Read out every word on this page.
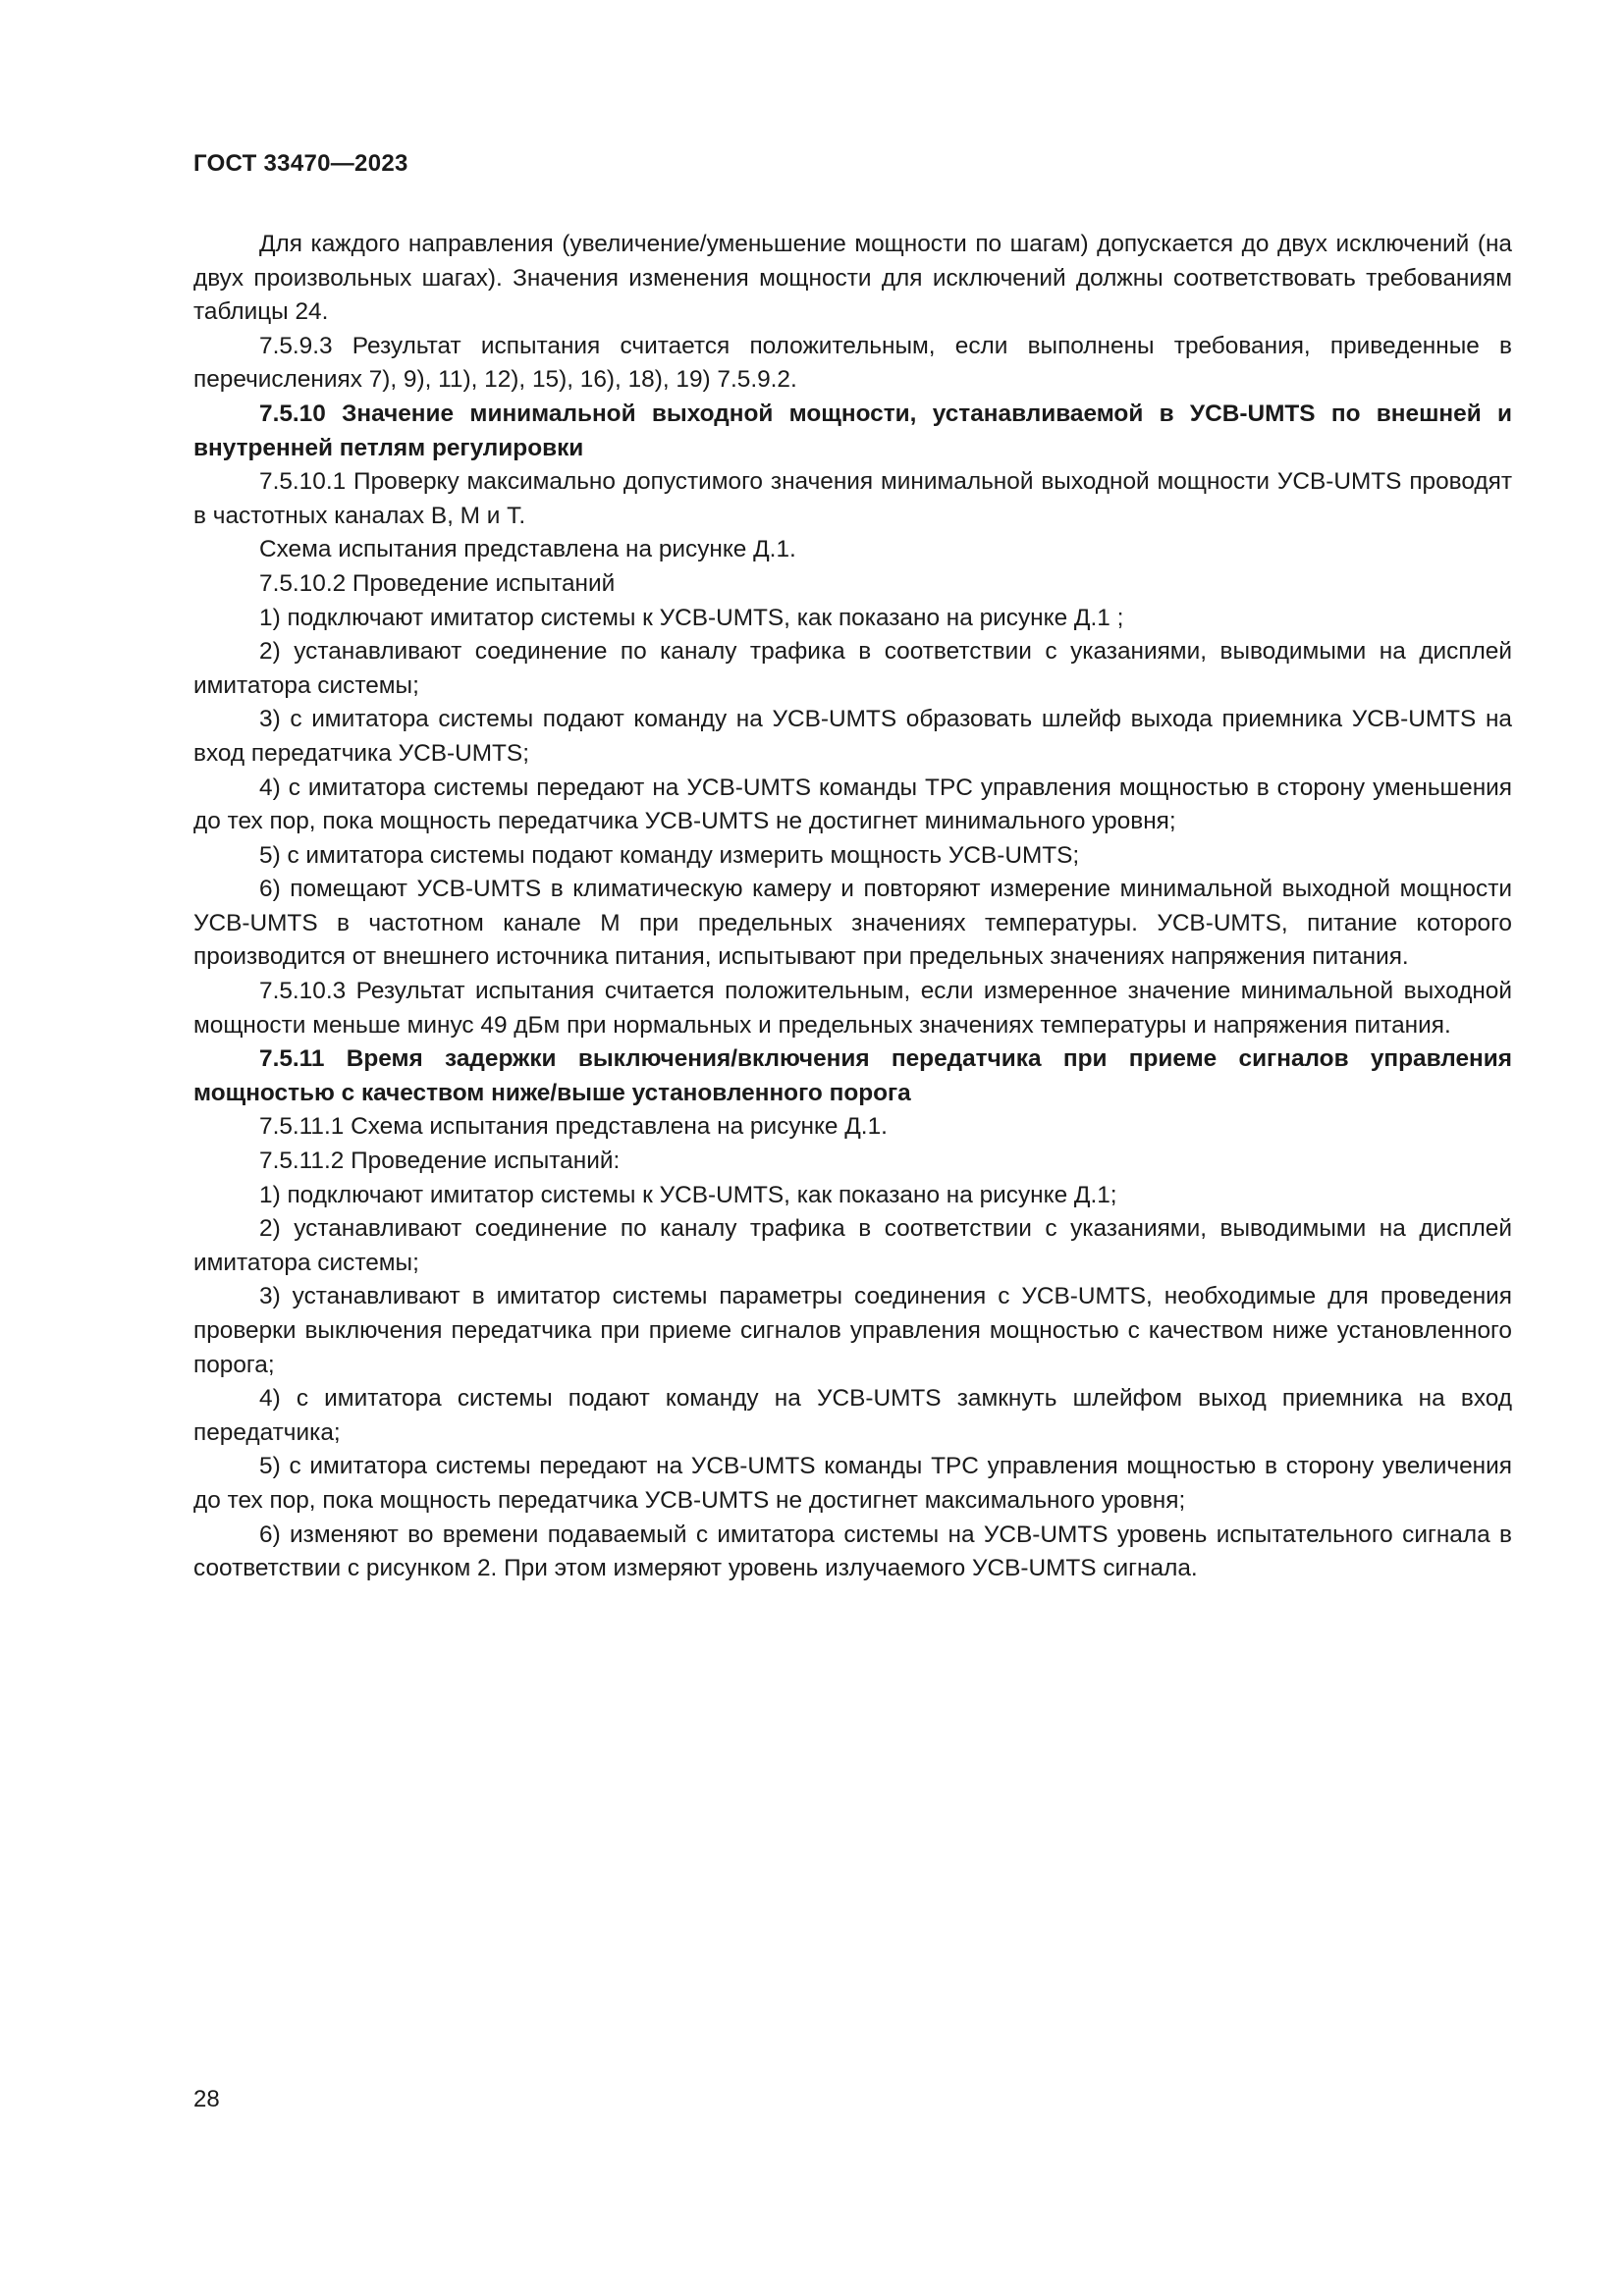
ГОСТ 33470—2023

Для каждого направления (увеличение/уменьшение мощности по шагам) допускается до двух исключений (на двух произвольных шагах). Значения изменения мощности для исключений должны соответствовать требованиям таблицы 24.

7.5.9.3 Результат испытания считается положительным, если выполнены требования, приведенные в перечислениях 7), 9), 11), 12), 15), 16), 18), 19) 7.5.9.2.

7.5.10 Значение минимальной выходной мощности, устанавливаемой в УСВ-UMTS по внешней и внутренней петлям регулировки

7.5.10.1 Проверку максимально допустимого значения минимальной выходной мощности УСВ-UMTS проводят в частотных каналах В, М и Т.

Схема испытания представлена на рисунке Д.1.

7.5.10.2 Проведение испытаний

1) подключают имитатор системы к УСВ-UMTS, как показано на рисунке Д.1 ;

2) устанавливают соединение по каналу трафика в соответствии с указаниями, выводимыми на дисплей имитатора системы;

3) с имитатора системы подают команду на УСВ-UMTS образовать шлейф выхода приемника УСВ-UMTS на вход передатчика УСВ-UMTS;

4) с имитатора системы передают на УСВ-UMTS команды TPC управления мощностью в сторону уменьшения до тех пор, пока мощность передатчика УСВ-UMTS не достигнет минимального уровня;

5) с имитатора системы подают команду измерить мощность УСВ-UMTS;

6) помещают УСВ-UMTS в климатическую камеру и повторяют измерение минимальной выходной мощности УСВ-UMTS в частотном канале М при предельных значениях температуры. УСВ-UMTS, питание которого производится от внешнего источника питания, испытывают при предельных значениях напряжения питания.

7.5.10.3 Результат испытания считается положительным, если измеренное значение минимальной выходной мощности меньше минус 49 дБм при нормальных и предельных значениях температуры и напряжения питания.

7.5.11 Время задержки выключения/включения передатчика при приеме сигналов управления мощностью с качеством ниже/выше установленного порога

7.5.11.1 Схема испытания представлена на рисунке Д.1.

7.5.11.2 Проведение испытаний:

1) подключают имитатор системы к УСВ-UMTS, как показано на рисунке Д.1;

2) устанавливают соединение по каналу трафика в соответствии с указаниями, выводимыми на дисплей имитатора системы;

3) устанавливают в имитатор системы параметры соединения с УСВ-UMTS, необходимые для проведения проверки выключения передатчика при приеме сигналов управления мощностью с качеством ниже установленного порога;

4) с имитатора системы подают команду на УСВ-UMTS замкнуть шлейфом выход приемника на вход передатчика;

5) с имитатора системы передают на УСВ-UMTS команды TPC управления мощностью в сторону увеличения до тех пор, пока мощность передатчика УСВ-UMTS не достигнет максимального уровня;

6) изменяют во времени подаваемый с имитатора системы на УСВ-UMTS уровень испытательного сигнала в соответствии с рисунком 2. При этом измеряют уровень излучаемого УСВ-UMTS сигнала.

28
